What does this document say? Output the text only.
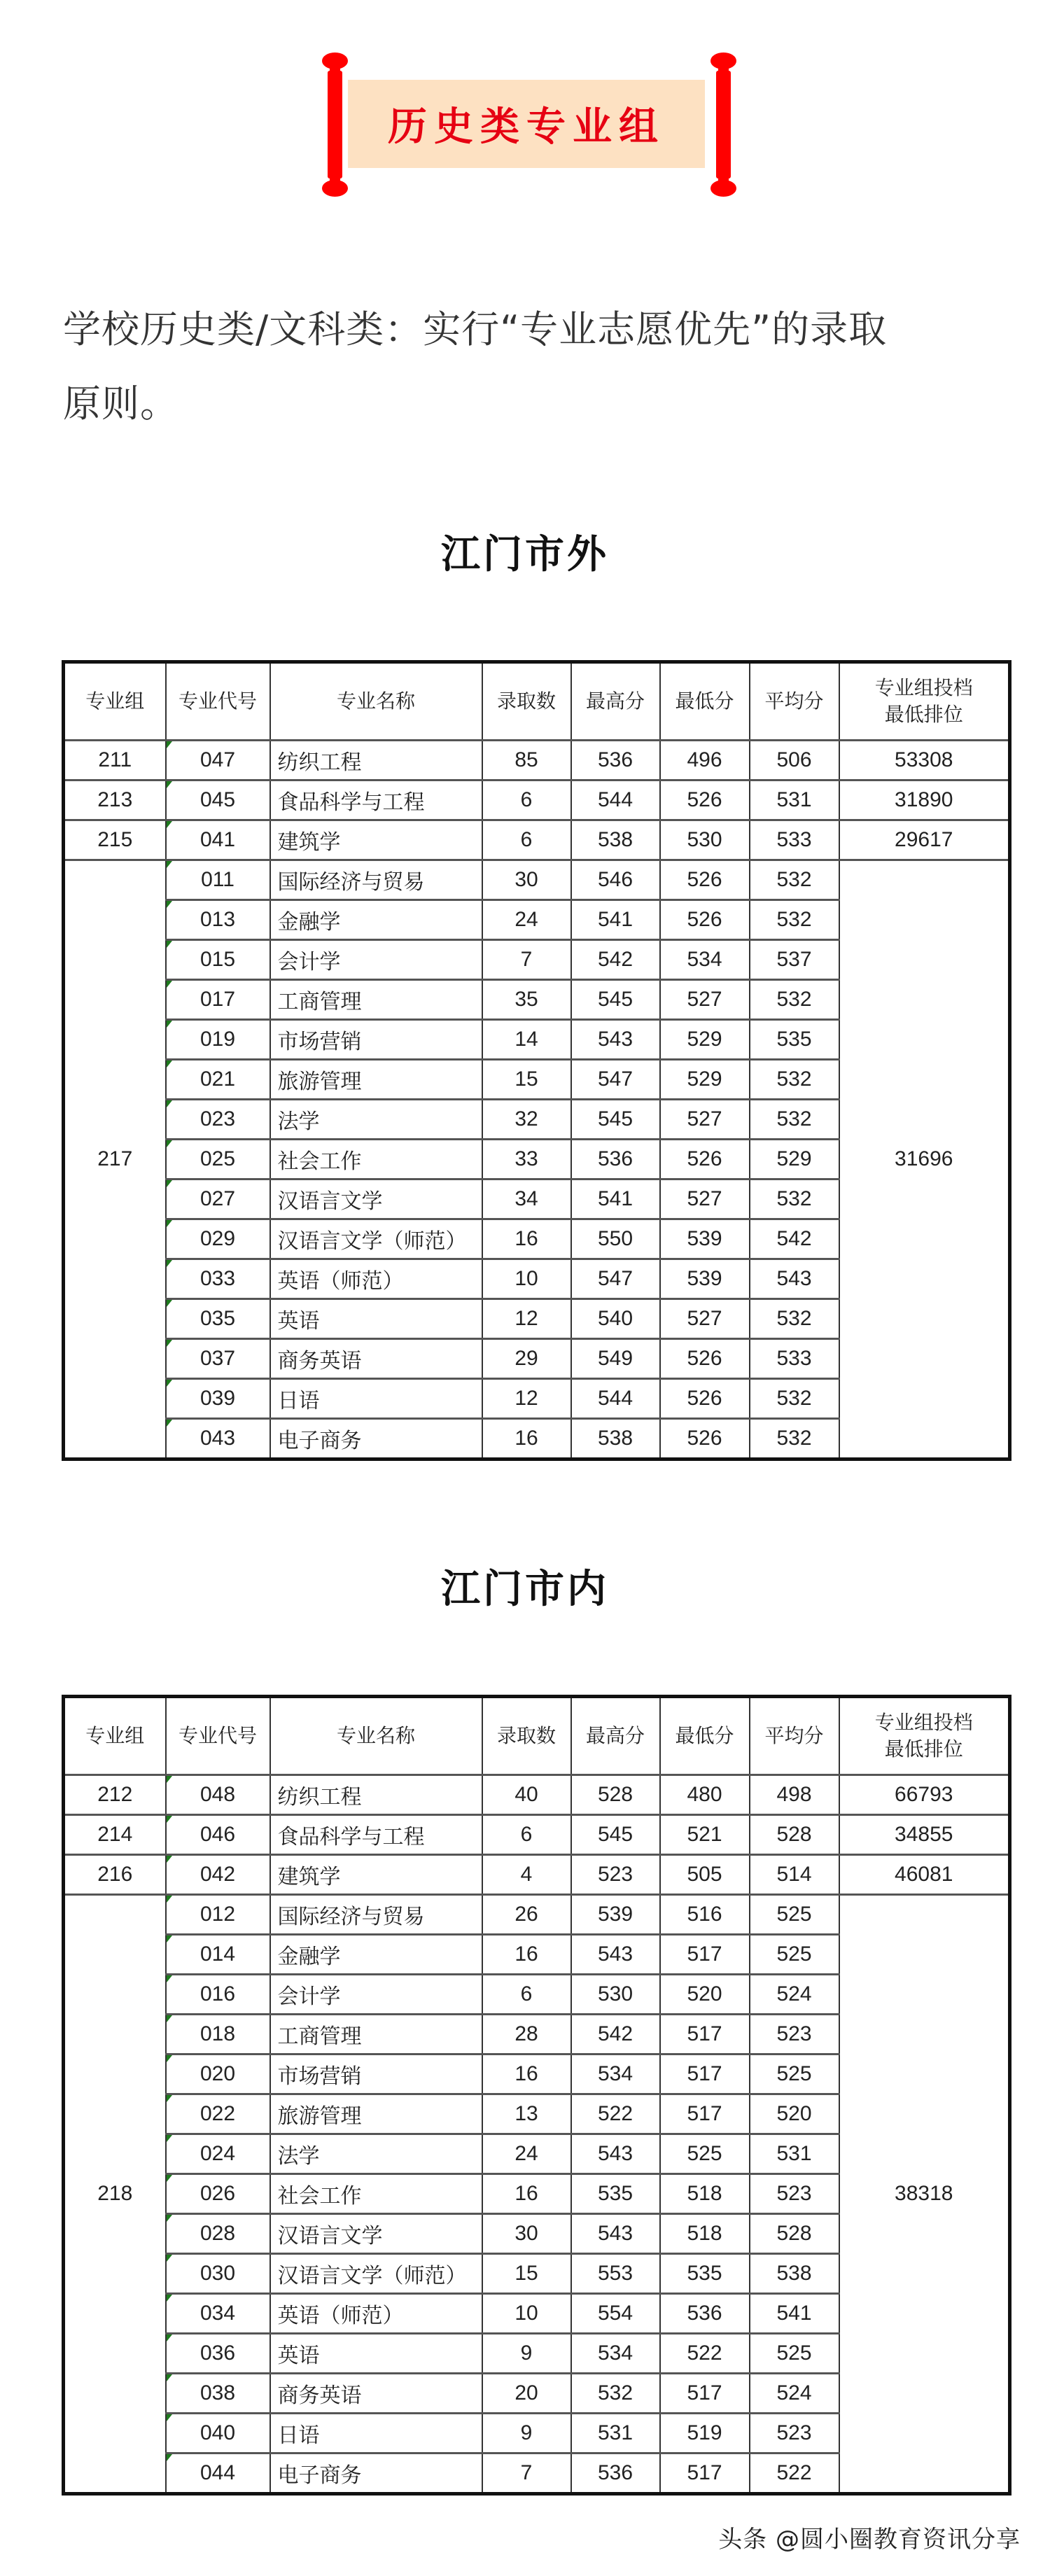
历史类专业组
学校历史类/文科类：实行“专业志愿优先”的录取
原则。
江门市外
专业组	专业代号	专业名称	录取数	最高分	最低分	平均分	专业组投档
最低排位

211	047	纺织工程	85	536	496	506	53308
213	045	食品科学与工程	6	544	526	531	31890
215	041	建筑学	6	538	530	533	29617
217	011	国际经济与贸易	30	546	526	532	31696
	013	金融学	24	541	526	532	
	015	会计学	7	542	534	537	
	017	工商管理	35	545	527	532	
	019	市场营销	14	543	529	535	
	021	旅游管理	15	547	529	532	
	023	法学	32	545	527	532	
	025	社会工作	33	536	526	529	
	027	汉语言文学	34	541	527	532	
	029	汉语言文学（师范）	16	550	539	542	
	033	英语（师范）	10	547	539	543	
	035	英语	12	540	527	532	
	037	商务英语	29	549	526	533	
	039	日语	12	544	526	532	
	043	电子商务	16	538	526	532	
江门市内
专业组	专业代号	专业名称	录取数	最高分	最低分	平均分	专业组投档
最低排位

212	048	纺织工程	40	528	480	498	66793
214	046	食品科学与工程	6	545	521	528	34855
216	042	建筑学	4	523	505	514	46081
218	012	国际经济与贸易	26	539	516	525	38318
	014	金融学	16	543	517	525	
	016	会计学	6	530	520	524	
	018	工商管理	28	542	517	523	
	020	市场营销	16	534	517	525	
	022	旅游管理	13	522	517	520	
	024	法学	24	543	525	531	
	026	社会工作	16	535	518	523	
	028	汉语言文学	30	543	518	528	
	030	汉语言文学（师范）	15	553	535	538	
	034	英语（师范）	10	554	536	541	
	036	英语	9	534	522	525	
	038	商务英语	20	532	517	524	
	040	日语	9	531	519	523	
	044	电子商务	7	536	517	522	
头条 @圆小圈教育资讯分享
